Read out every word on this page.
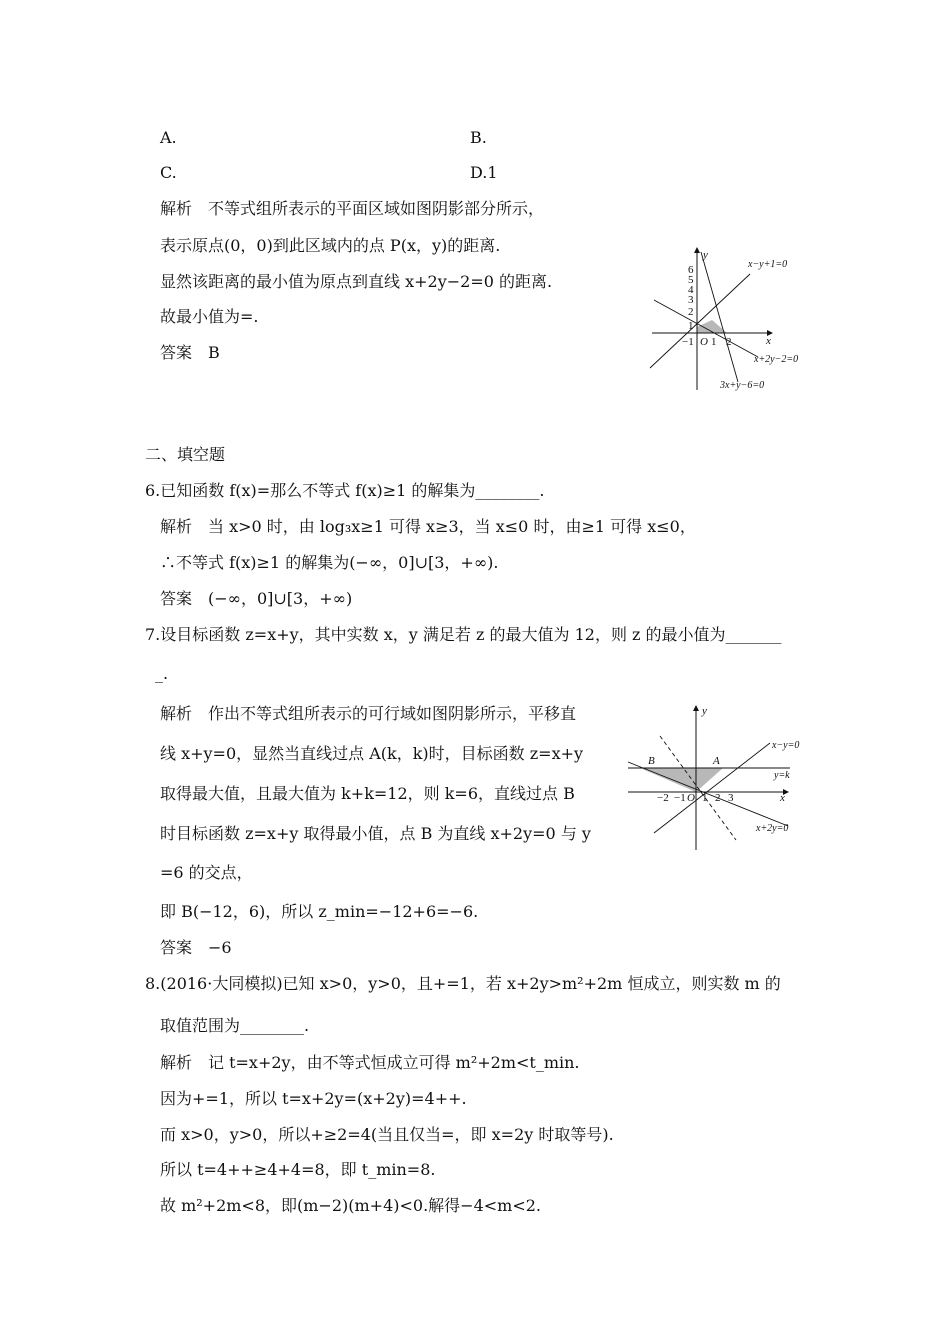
A.	B.
C.	D.1
解析　不等式组所表示的平面区域如图阴影部分所示，
表示原点(0，0)到此区域内的点 P(x，y)的距离.
显然该距离的最小值为原点到直线 x+2y−2=0 的距离.
故最小值为=.
答案　B
y
x
6
5
4
3
2
1
−1 O 1 2
x−y+1=0
x+2y−2=0
3x+y−6=0
二、填空题
6.已知函数 f(x)=那么不等式 f(x)≥1 的解集为________.
解析　当 x>0 时，由 log₃x≥1 可得 x≥3，当 x≤0 时，由≥1 可得 x≤0，
∴不等式 f(x)≥1 的解集为(−∞，0]∪[3，+∞).
答案　(−∞，0]∪[3，+∞)
7.设目标函数 z=x+y，其中实数 x，y 满足若 z 的最大值为 12，则 z 的最小值为_______
_.
解析　作出不等式组所表示的可行域如图阴影所示，平移直
线 x+y=0，显然当直线过点 A(k，k)时，目标函数 z=x+y
取得最大值，且最大值为 k+k=12，则 k=6，直线过点 B
时目标函数 z=x+y 取得最小值，点 B 为直线 x+2y=0 与 y
=6 的交点，
即 B(−12，6)，所以 z_min=−12+6=−6.
答案　−6
y
x
−2 −1 O 1 2 3
A
B
x−y=0
y=k
x+2y=0
8.(2016·大同模拟)已知 x>0，y>0，且+=1，若 x+2y>m²+2m 恒成立，则实数 m 的
取值范围为________.
解析　记 t=x+2y，由不等式恒成立可得 m²+2m<t_min.
因为+=1，所以 t=x+2y=(x+2y)=4++.
而 x>0，y>0，所以+≥2=4(当且仅当=，即 x=2y 时取等号).
所以 t=4++≥4+4=8，即 t_min=8.
故 m²+2m<8，即(m−2)(m+4)<0.解得−4<m<2.
